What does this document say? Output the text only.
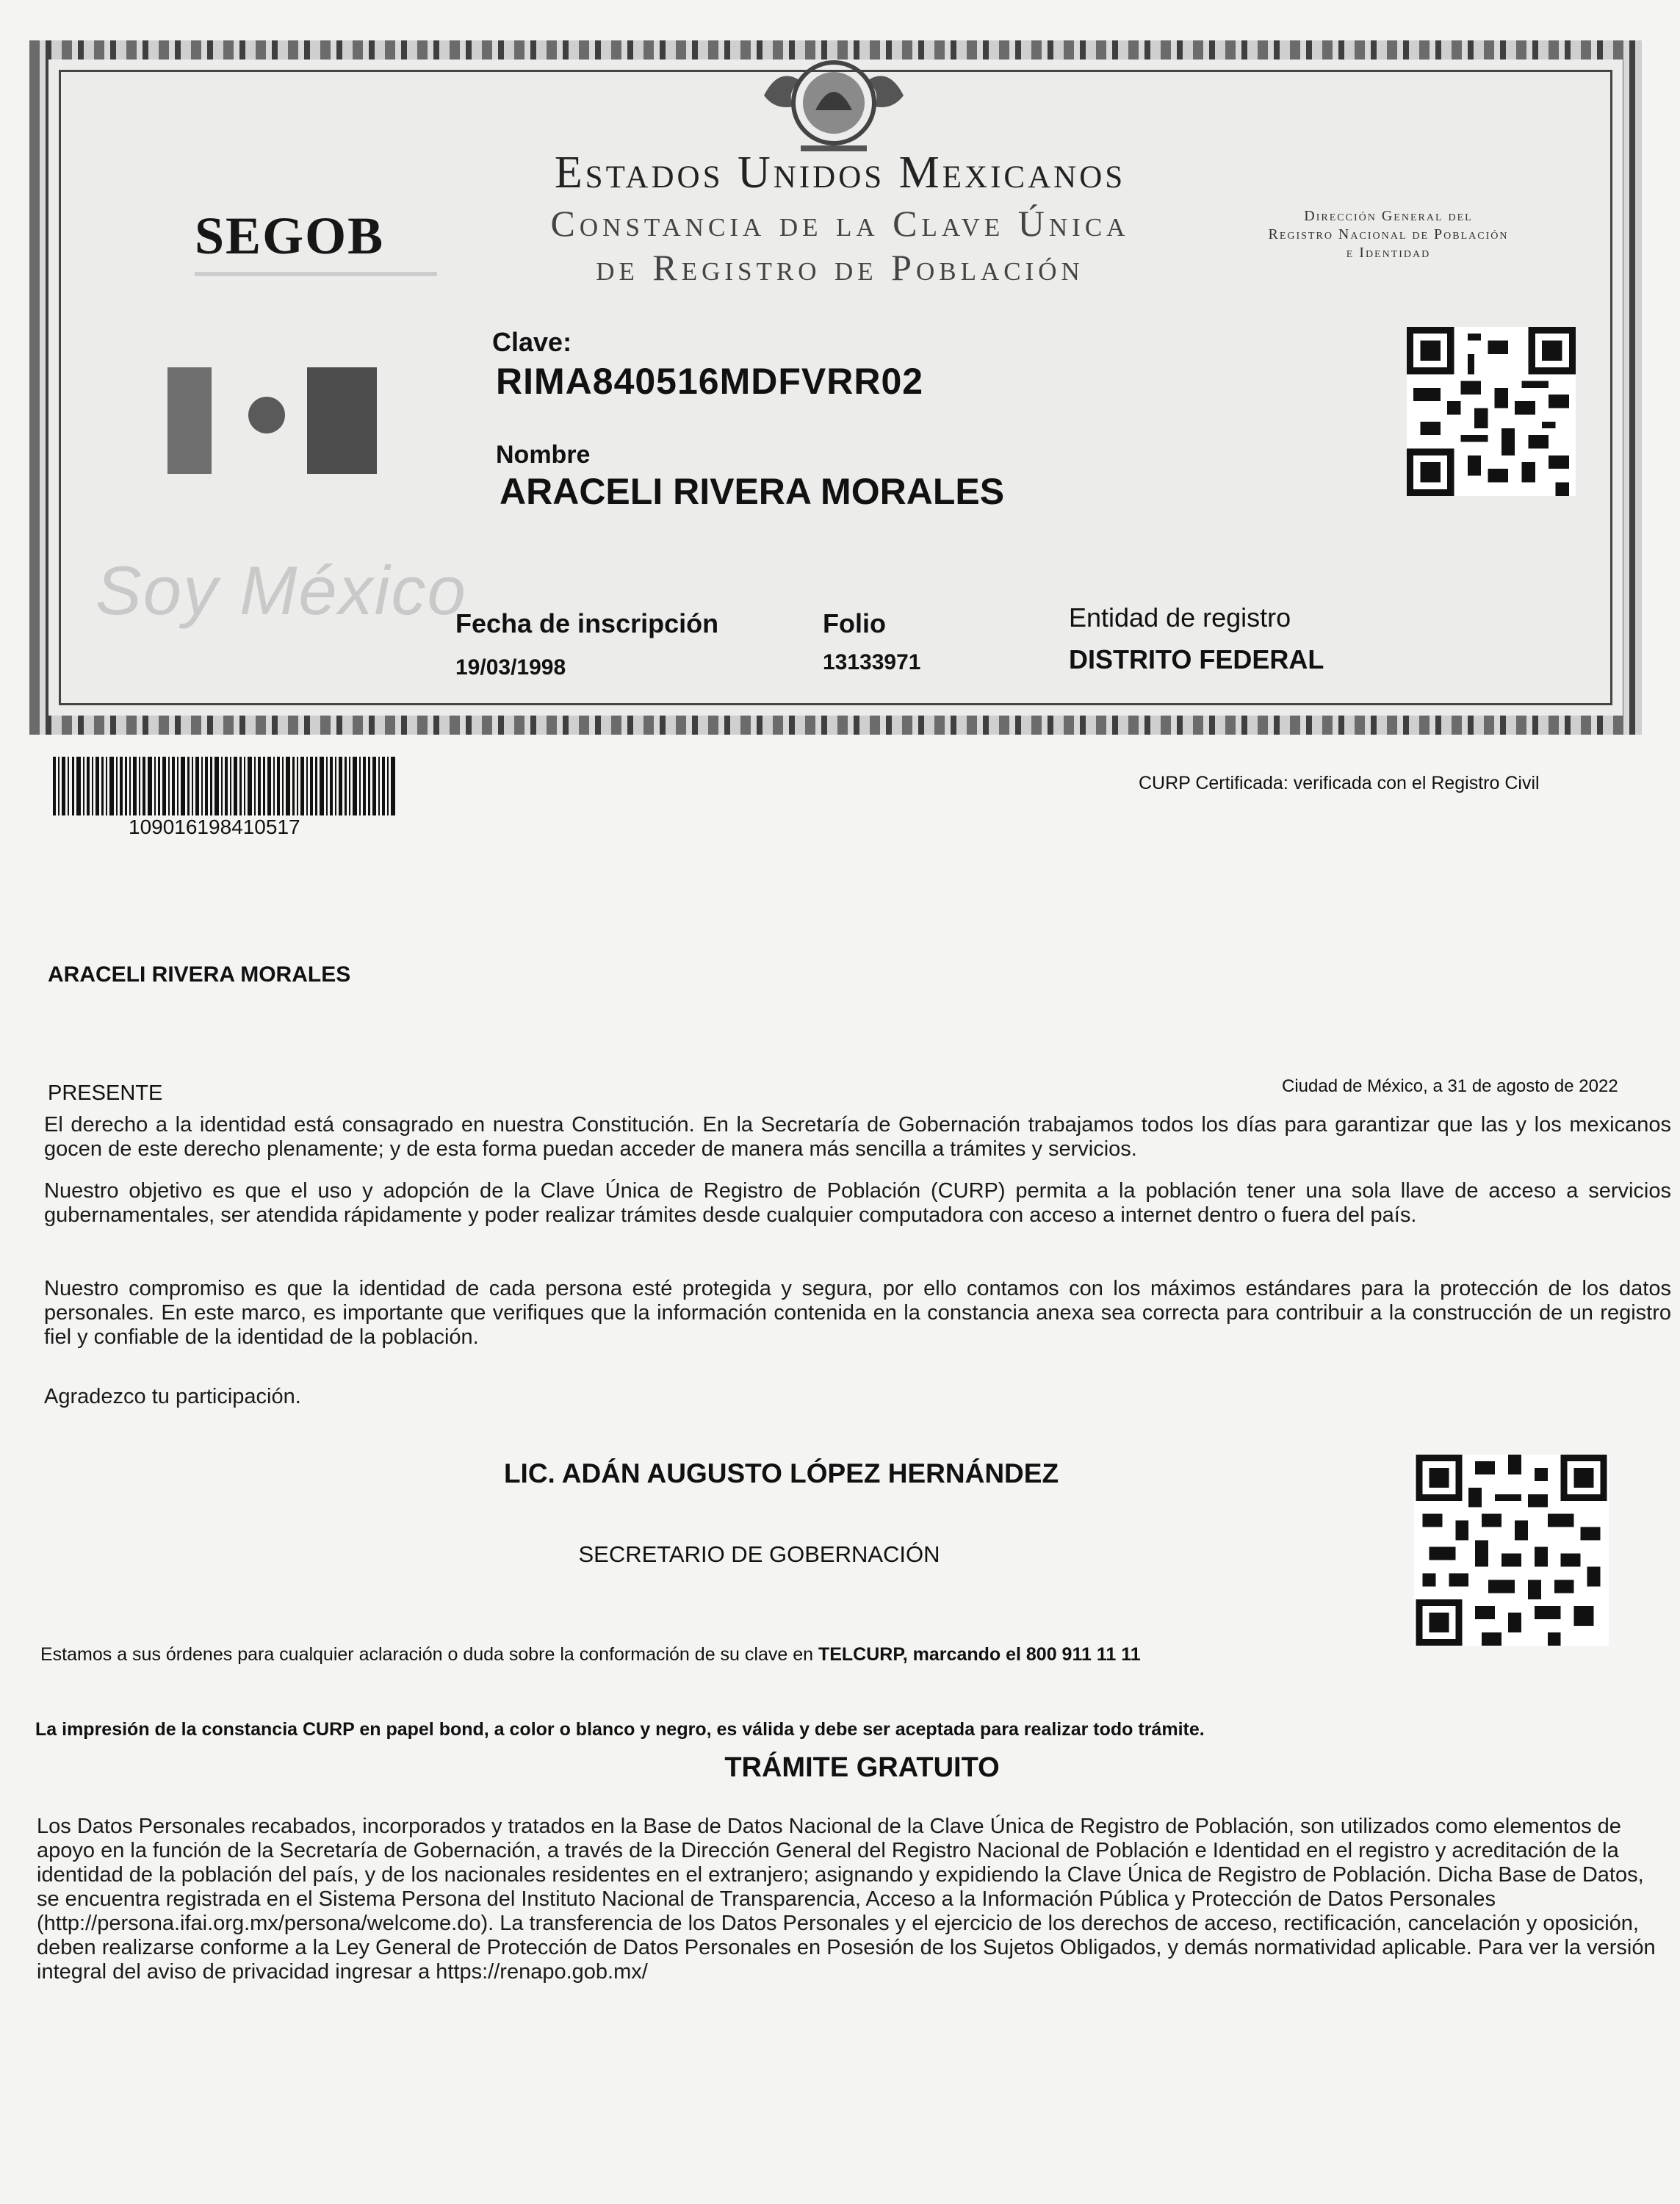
Estados Unidos Mexicanos
Constancia de la Clave Única
de Registro de Población
SEGOB	Dirección General del
Registro Nacional de Población
e Identidad
Soy México
Clave:
RIMA840516MDFVRR02
Nombre
ARACELI RIVERA MORALES
Fecha de inscripción
19/03/1998
Folio
13133971
Entidad de registro
DISTRITO FEDERAL
109016198410517
CURP Certificada: verificada con el Registro Civil
ARACELI RIVERA MORALES
PRESENTE	Ciudad de México, a 31 de agosto de 2022
El derecho a la identidad está consagrado en nuestra Constitución. En la Secretaría de Gobernación trabajamos todos los días para garantizar que las y los mexicanos gocen de este derecho plenamente; y de esta forma puedan acceder de manera más sencilla a trámites y servicios.
Nuestro objetivo es que el uso y adopción de la Clave Única de Registro de Población (CURP) permita a la población tener una sola llave de acceso a servicios gubernamentales, ser atendida rápidamente y poder realizar trámites desde cualquier computadora con acceso a internet dentro o fuera del país.
Nuestro compromiso es que la identidad de cada persona esté protegida y segura, por ello contamos con los máximos estándares para la protección de los datos personales. En este marco, es importante que verifiques que la información contenida en la constancia anexa sea correcta para contribuir a la construcción de un registro fiel y confiable de la identidad de la población.
Agradezco tu participación.
LIC. ADÁN AUGUSTO LÓPEZ HERNÁNDEZ
SECRETARIO DE GOBERNACIÓN
Estamos a sus órdenes para cualquier aclaración o duda sobre la conformación de su clave en TELCURP, marcando el 800 911 11 11
La impresión de la constancia CURP en papel bond, a color o blanco y negro, es válida y debe ser aceptada para realizar todo trámite.
TRÁMITE GRATUITO
Los Datos Personales recabados, incorporados y tratados en la Base de Datos Nacional de la Clave Única de Registro de Población, son utilizados como elementos de apoyo en la función de la Secretaría de Gobernación, a través de la Dirección General del Registro Nacional de Población e Identidad en el registro y acreditación de la identidad de la población del país, y de los nacionales residentes en el extranjero; asignando y expidiendo la Clave Única de Registro de Población. Dicha Base de Datos, se encuentra registrada en el Sistema Persona del Instituto Nacional de Transparencia, Acceso a la Información Pública y Protección de Datos Personales (http://persona.ifai.org.mx/persona/welcome.do). La transferencia de los Datos Personales y el ejercicio de los derechos de acceso, rectificación, cancelación y oposición, deben realizarse conforme a la Ley General de Protección de Datos Personales en Posesión de los Sujetos Obligados, y demás normatividad aplicable. Para ver la versión integral del aviso de privacidad ingresar a https://renapo.gob.mx/
